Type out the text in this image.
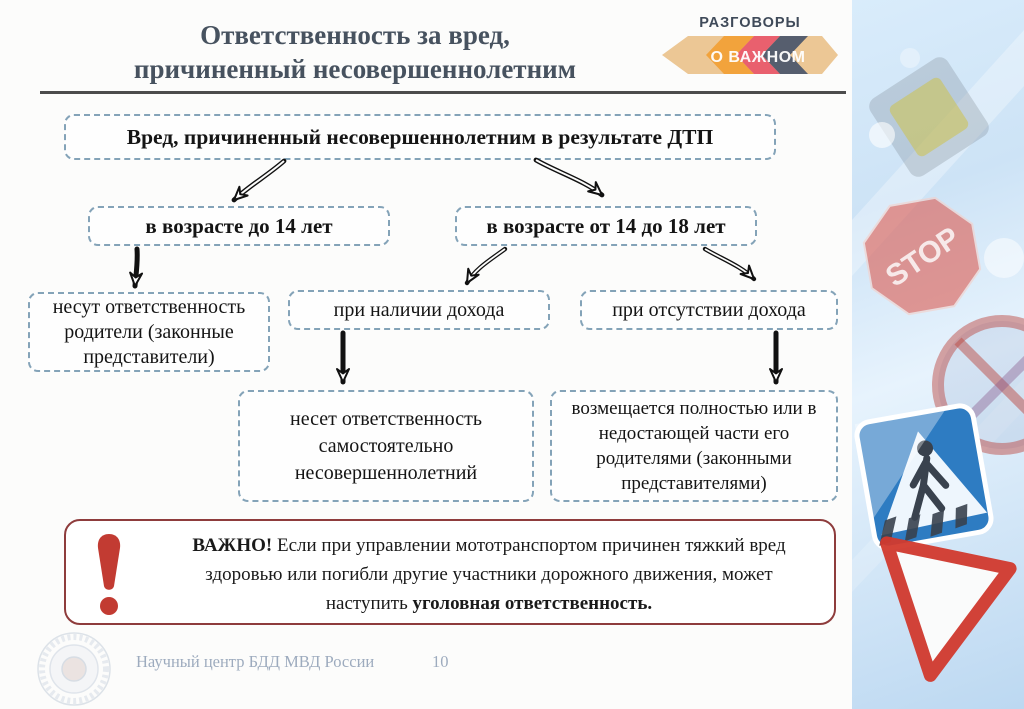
Ответственность за вред,
причиненный несовершеннолетним
РАЗГОВОРЫ
О ВАЖНОМ
Вред, причиненный несовершеннолетним в результате ДТП
в возрасте до 14 лет	в возрасте от 14 до 18 лет
несут ответственность родители (законные представители)
при наличии дохода	при отсутствии дохода
несет ответственность самостоятельно несовершеннолетний
возмещается полностью или в недостающей части его родителями (законными представителями)
ВАЖНО! Если при управлении мототранспортом причинен тяжкий вред здоровью или погибли другие участники дорожного движения, может наступить уголовная ответственность.
Научный центр БДД МВД России	10
STOP
